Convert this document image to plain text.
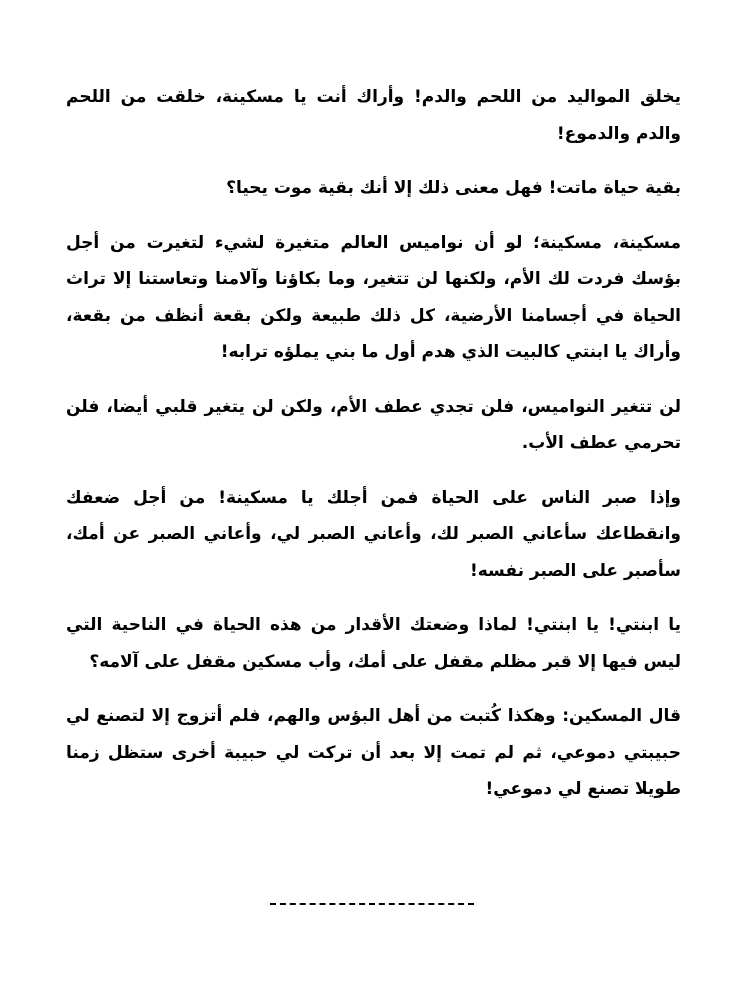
يخلق المواليد من اللحم والدم! وأراك أنت يا مسكينة، خلقت من اللحم والدم والدموع!

بقية حياة ماتت! فهل معنى ذلك إلا أنك بقية موت يحيا؟

مسكينة، مسكينة؛ لو أن نواميس العالم متغيرة لشيء لتغيرت من أجل بؤسك فردت لك الأم، ولكنها لن تتغير، وما بكاؤنا وآلامنا وتعاستنا إلا تراث الحياة في أجسامنا الأرضية، كل ذلك طبيعة ولكن بقعة أنظف من بقعة، وأراك يا ابنتي كالبيت الذي هدم أول ما بني يملؤه ترابه!

لن تتغير النواميس، فلن تجدي عطف الأم، ولكن لن يتغير قلبي أيضا، فلن تحرمي عطف الأب.

وإذا صبر الناس على الحياة فمن أجلك يا مسكينة! من أجل ضعفك وانقطاعك سأعاني الصبر لك، وأعاني الصبر لي، وأعاني الصبر عن أمك، سأصبر على الصبر نفسه!

يا ابنتي! يا ابنتي! لماذا وضعتك الأقدار من هذه الحياة في الناحية التي ليس فيها إلا قبر مظلم مقفل على أمك، وأب مسكين مقفل على آلامه؟

قال المسكين: وهكذا كُتبت من أهل البؤس والهم، فلم أتزوج إلا لتصنع لي حبيبتي دموعي، ثم لم تمت إلا بعد أن تركت لي حبيبة أخرى ستظل زمنا طويلا تصنع لي دموعي!
